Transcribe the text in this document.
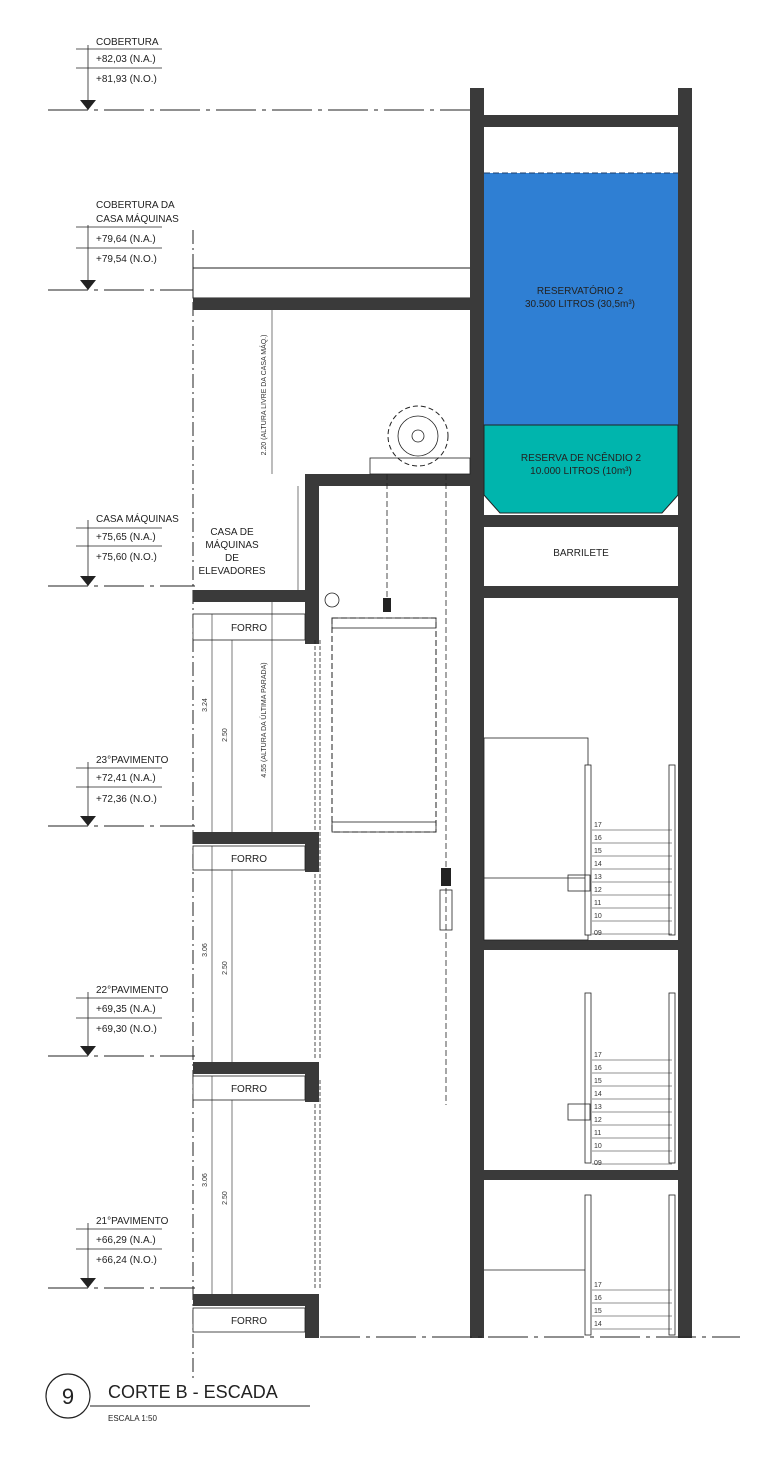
COBERTURA
+82,03 (N.A.)
+81,93 (N.O.)
COBERTURA DA
CASA MÁQUINAS
+79,64 (N.A.)
+79,54 (N.O.)
CASA MÁQUINAS
+75,65 (N.A.)
+75,60 (N.O.)
23°PAVIMENTO
+72,41 (N.A.)
+72,36 (N.O.)
22°PAVIMENTO
+69,35 (N.A.)
+69,30 (N.O.)
21°PAVIMENTO
+66,29 (N.A.)
+66,24 (N.O.)
RESERVATÓRIO 2
30.500 LITROS (30,5m³)
RESERVA DE NCÊNDIO 2
10.000 LITROS (10m³)
BARRILETE
17
16
15
14
13
12
11
10
09
17
16
15
14
13
12
11
10
09
17
16
15
14
CASA DE
MÁQUINAS
DE
ELEVADORES
FORRO
FORRO
FORRO
FORRO
2.20 (ALTURA LIVRE DA CASA MÁQ.)
4.55 (ALTURA DA ÚLTIMA PARADA)
3.24
2.50
3.06
2.50
3.06
2.50
9 CORTE B - ESCADA
ESCALA 1:50
